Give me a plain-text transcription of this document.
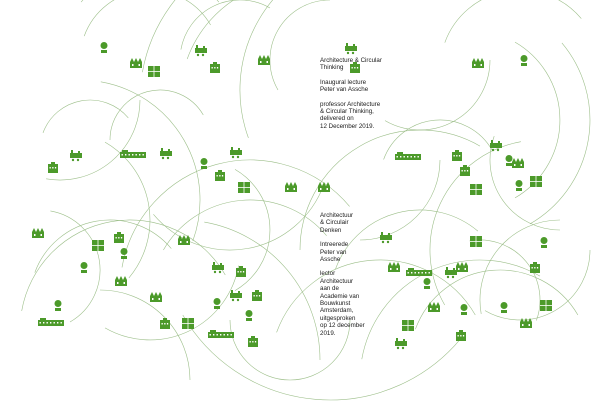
Architecture & Circular
Thinking

Inaugural lecture
Peter van Assche

professor Architecture
& Circular Thinking,
delivered on
12 December 2019.

Architectuur
& Circulair
Denken

Intreerede
Peter van
Assche

lector
Architectuur
aan de
Academie van
Bouwkunst
Amsterdam,
uitgesproken
op 12 december
2019.
